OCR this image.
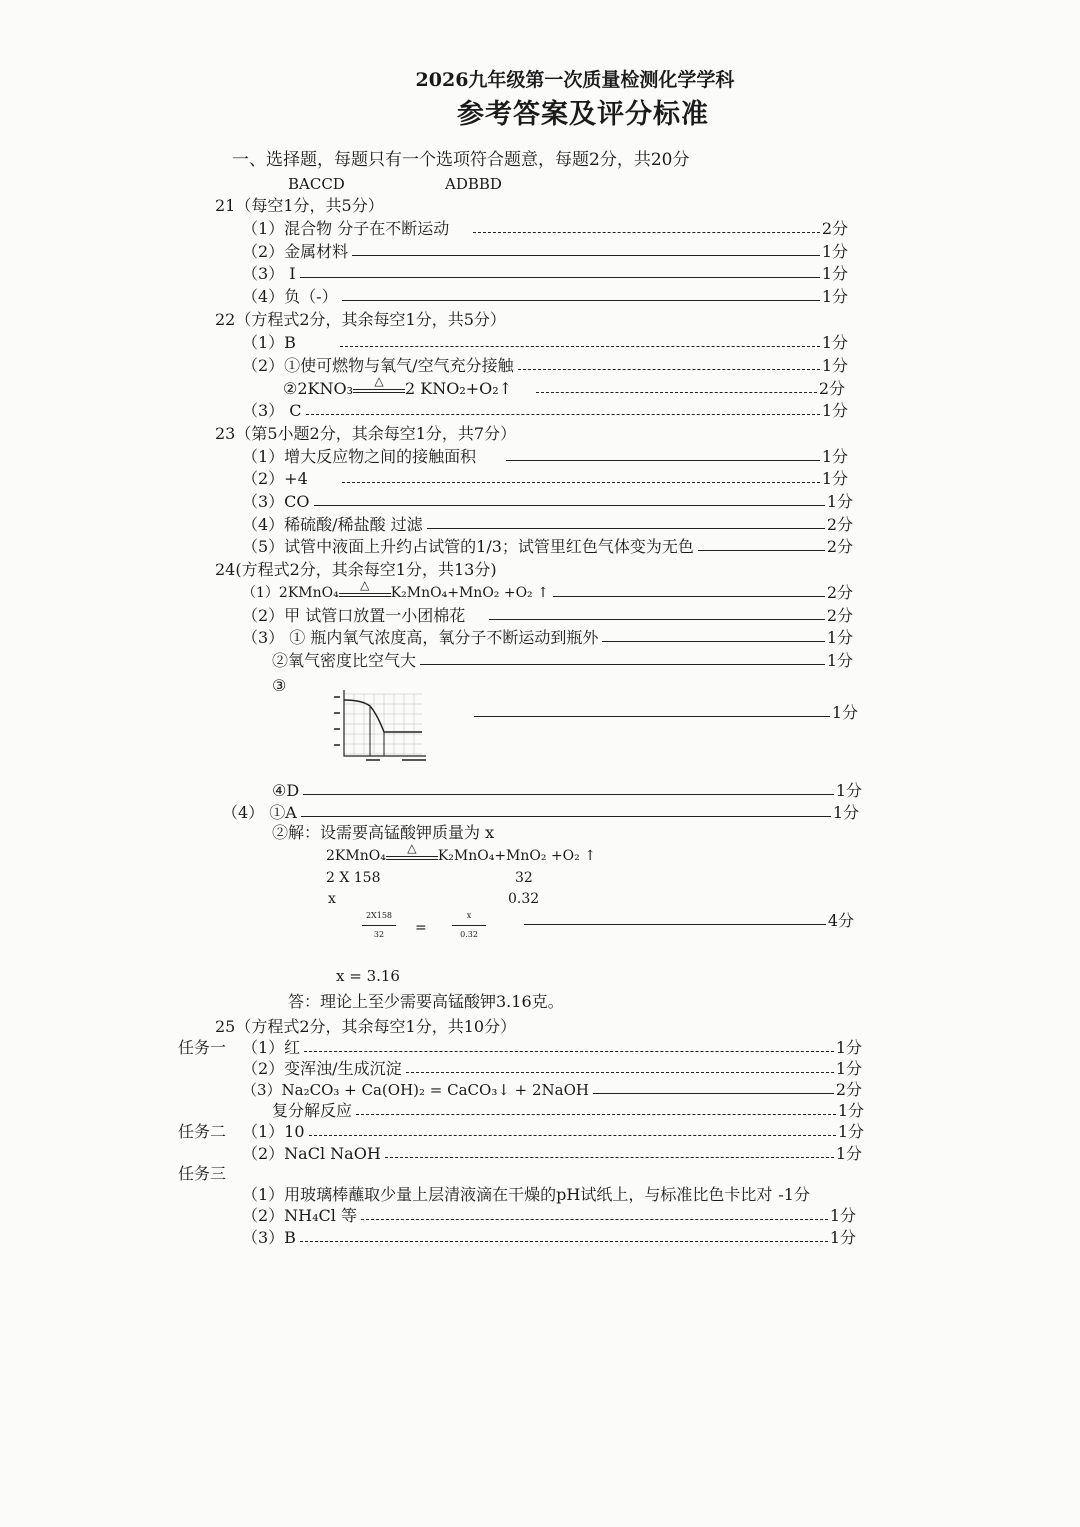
2026九年级第一次质量检测化学学科
参考答案及评分标准
一、选择题，每题只有一个选项符合题意，每题2分，共20分
BACCD	ADBBD
21（每空1分，共5分）
（1）混合物 分子在不断运动	2分
（2）金属材料	1分
（3） I	1分
（4）负（-）	1分
22（方程式2分，其余每空1分，共5分）
（1）B	1分
（2）①使可燃物与氧气/空气充分接触	1分
②2KNO₃	△	2 KNO₂+O₂↑	2分
（3） C	1分
23（第5小题2分，其余每空1分，共7分）
（1）增大反应物之间的接触面积	1分
（2）+4	1分
（3）CO	1分
（4）稀硫酸/稀盐酸 过滤	2分
（5）试管中液面上升约占试管的1/3；试管里红色气体变为无色	2分
24(方程式2分，其余每空1分，共13分)
（1）2KMnO₄	△	K₂MnO₄+MnO₂ +O₂ ↑	2分
（2）甲 试管口放置一小团棉花	2分
（3） ① 瓶内氧气浓度高，氧分子不断运动到瓶外	1分
②氧气密度比空气大	1分
③
1分
④D	1分
（4） ①A	1分
②解：设需要高锰酸钾质量为 x
2KMnO₄	△	K₂MnO₄+MnO₂ +O₂ ↑
2 X 158	32
x	0.32
2X158
32 =
x
0.32
4分
x = 3.16
答：理论上至少需要高锰酸钾3.16克。
25（方程式2分，其余每空1分，共10分）
任务一 （1）红	1分
（2）变浑浊/生成沉淀	1分
（3）Na₂CO₃ + Ca(OH)₂ = CaCO₃↓ + 2NaOH	2分
复分解反应	1分
任务二 （1）10	1分
（2）NaCl NaOH	1分
任务三
（1）用玻璃棒蘸取少量上层清液滴在干燥的pH试纸上，与标准比色卡比对 -1分
（2）NH₄Cl 等	1分
（3）B	1分
